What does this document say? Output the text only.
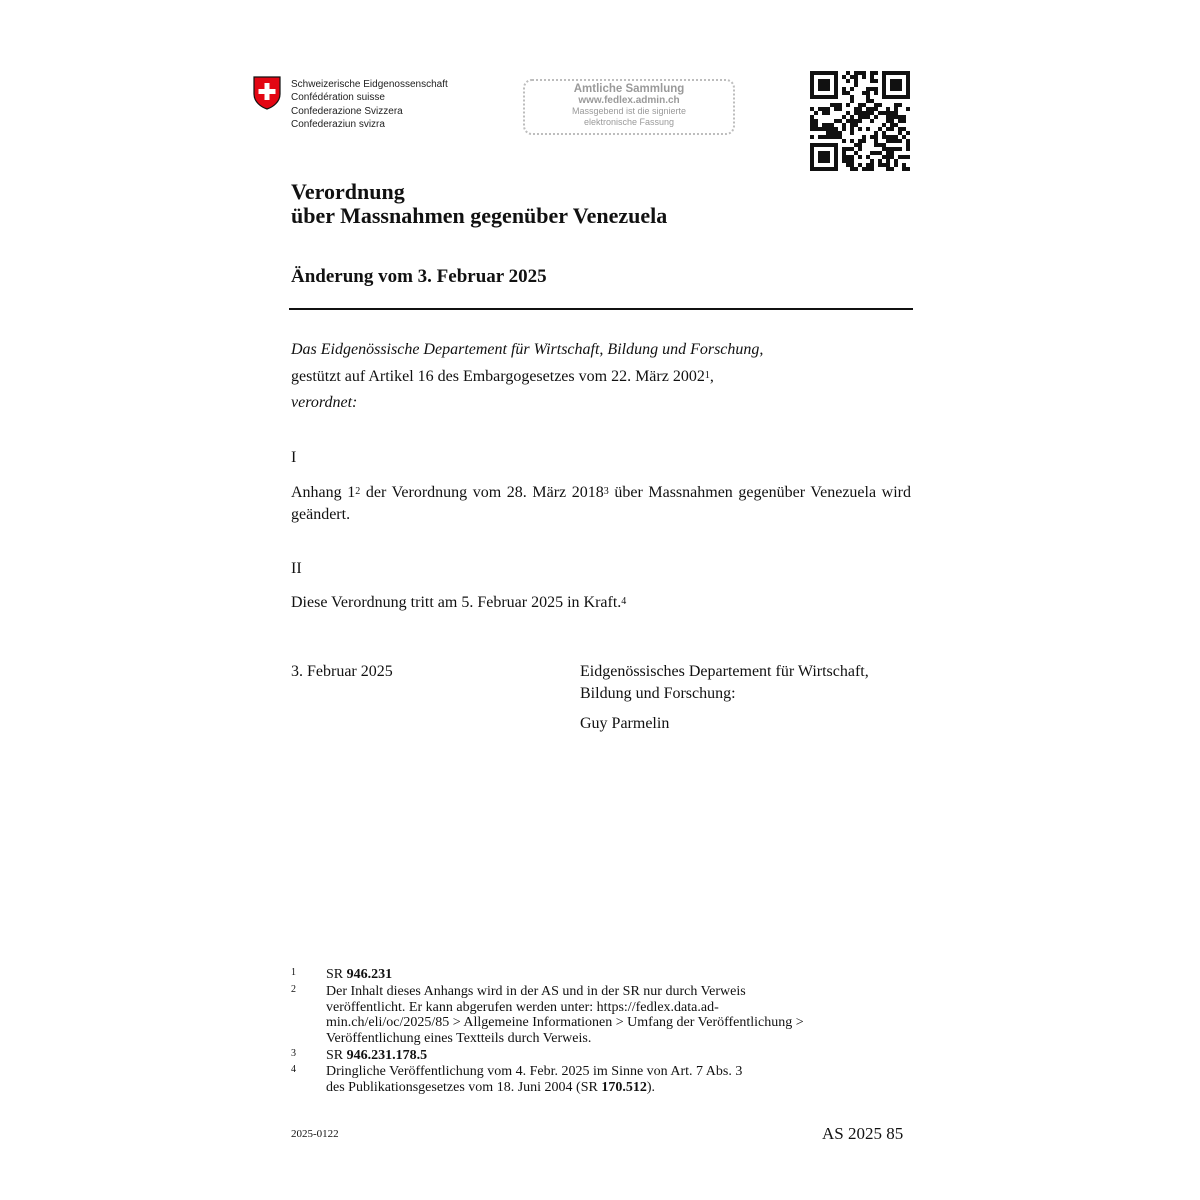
Schweizerische Eidgenossenschaft
Confédération suisse
Confederazione Svizzera
Confederaziun svizra
Amtliche Sammlung
www.fedlex.admin.ch
Massgebend ist die signierte
elektronische Fassung
Verordnung
über Massnahmen gegenüber Venezuela
Änderung vom 3. Februar 2025
Das Eidgenössische Departement für Wirtschaft, Bildung und Forschung,
gestützt auf Artikel 16 des Embargogesetzes vom 22. März 2002$^1$,
verordnet:
I
Anhang $1^2$ der Verordnung vom 28. März 2018$^3$ über Massnahmen gegenüber Venezuela wird geändert.
II
Diese Verordnung tritt am 5. Februar 2025 in Kraft.$^4$
3. Februar 2025	Eidgenössisches Departement für Wirtschaft,
Bildung und Forschung:
Guy Parmelin
1 SR 946.231
2 Der Inhalt dieses Anhangs wird in der AS und in der SR nur durch Verweis
veröffentlicht. Er kann abgerufen werden unter: https://fedlex.data.ad-
min.ch/eli/oc/2025/85 > Allgemeine Informationen > Umfang der Veröffentlichung >
Veröffentlichung eines Textteils durch Verweis.
3 SR 946.231.178.5
4 Dringliche Veröffentlichung vom 4. Febr. 2025 im Sinne von Art. 7 Abs. 3
des Publikationsgesetzes vom 18. Juni 2004 (SR 170.512).
2025-0122	AS 2025 85
